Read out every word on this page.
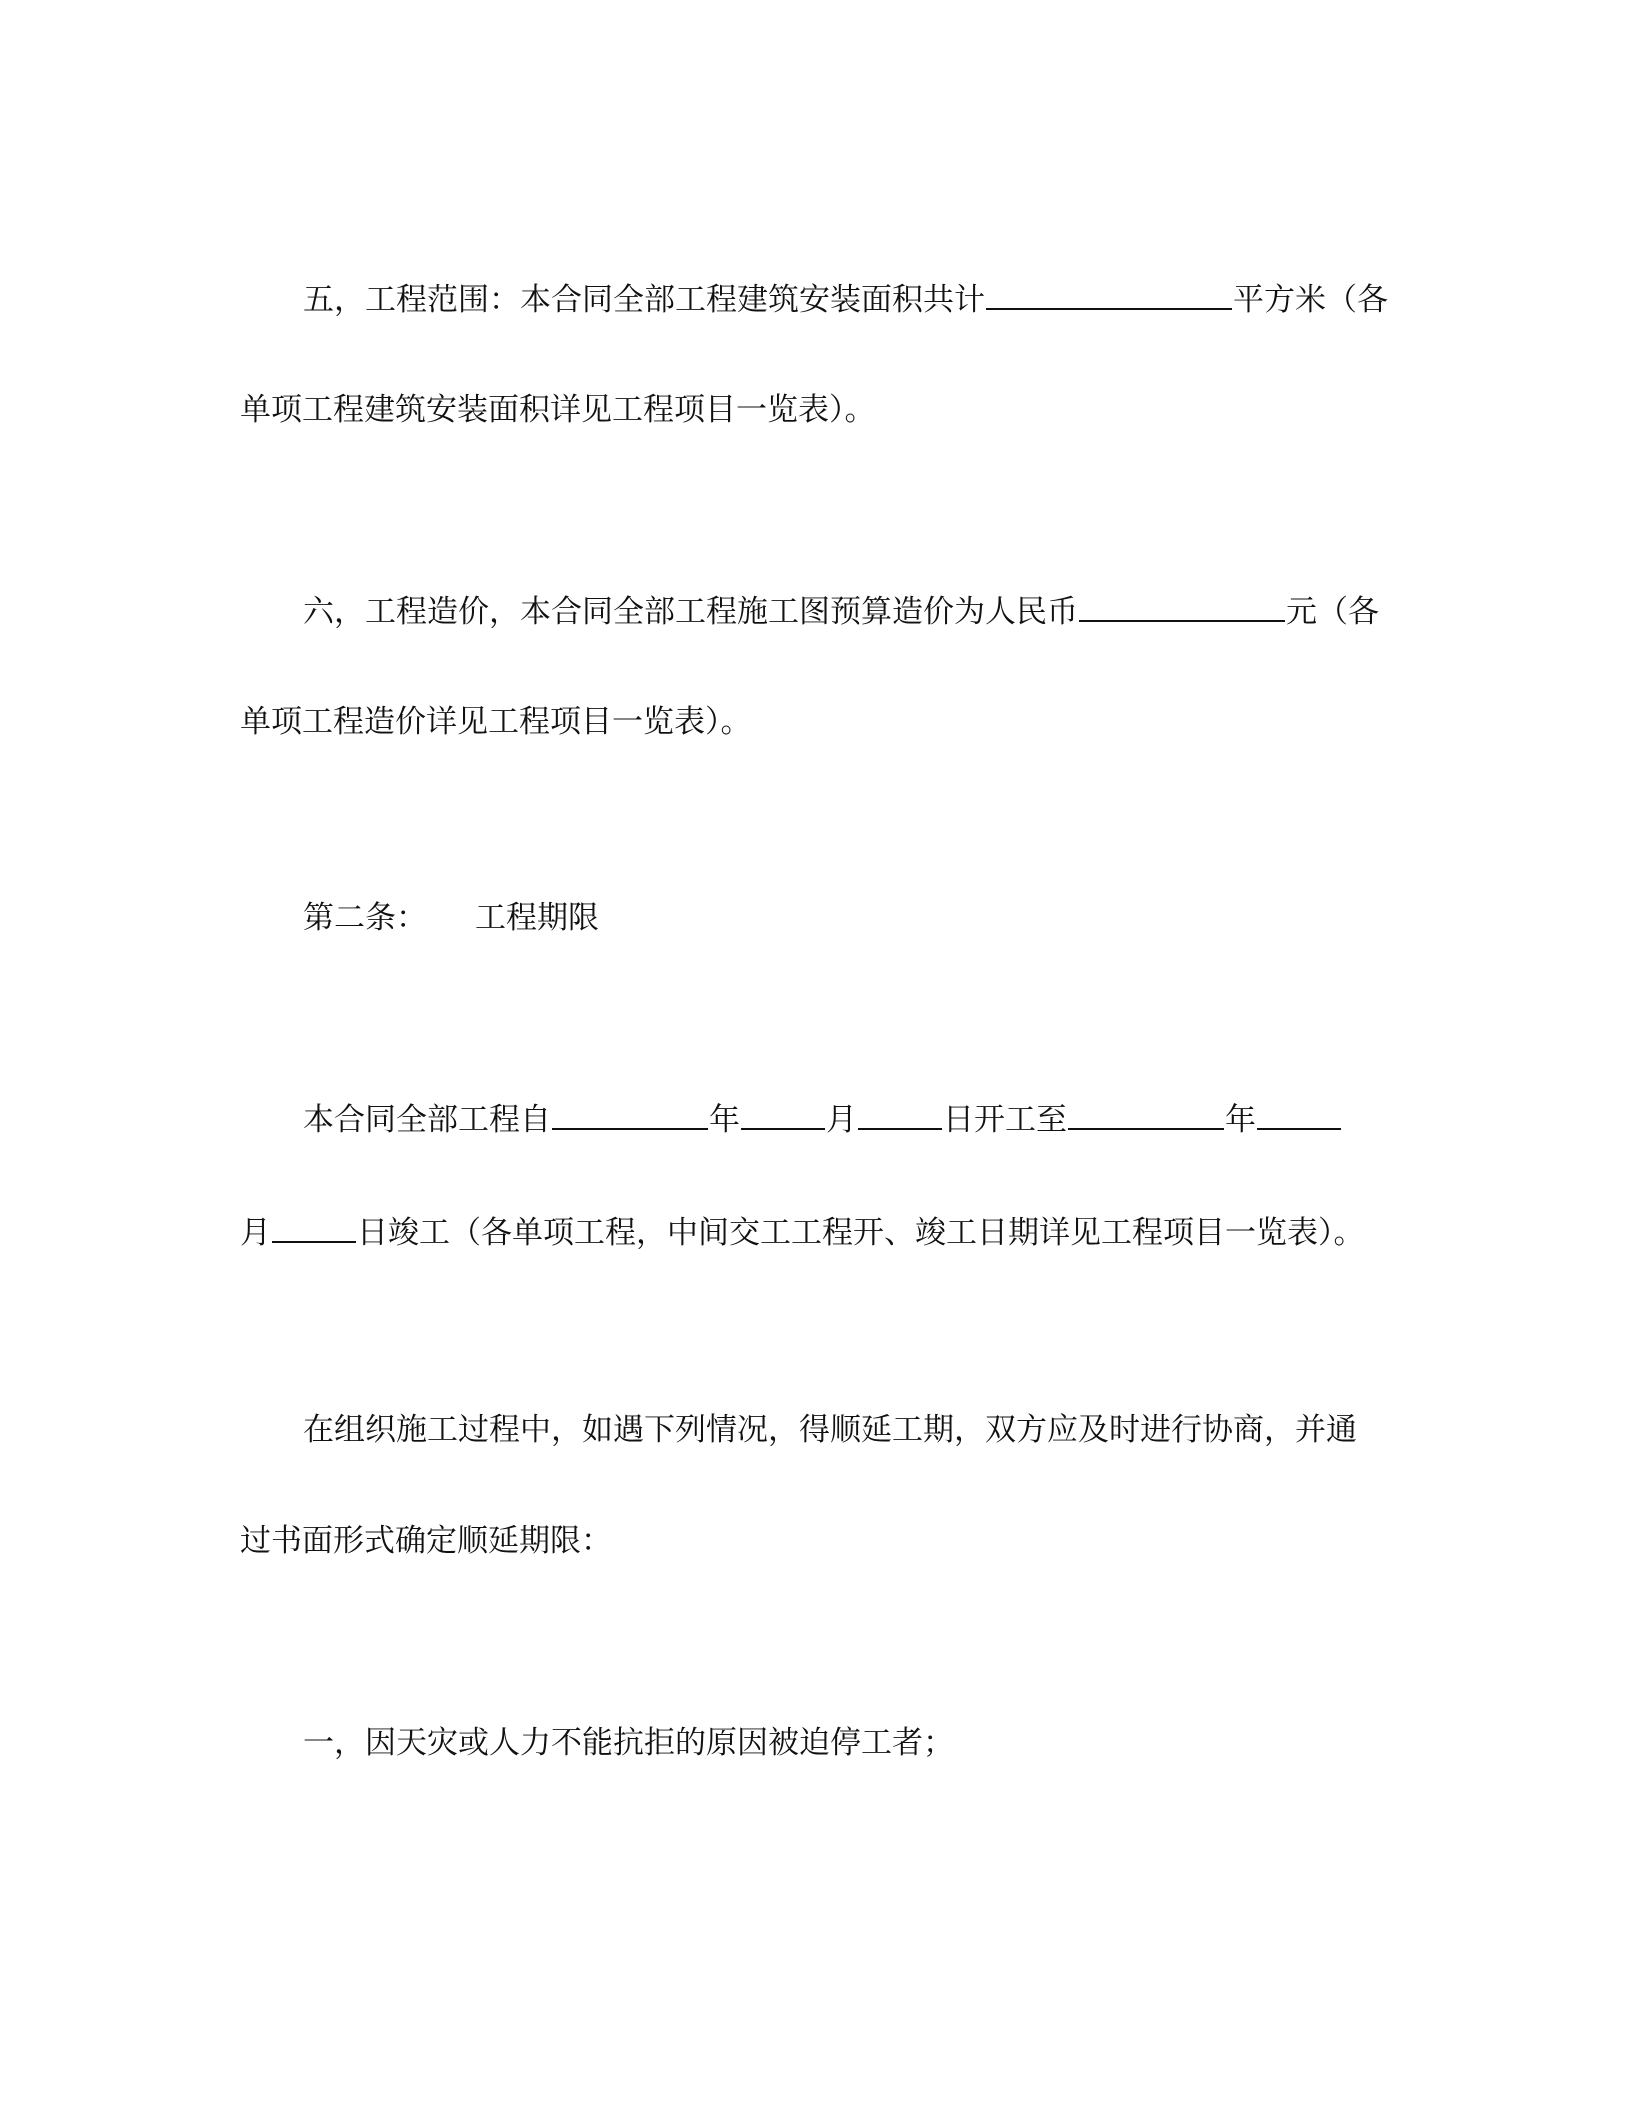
五，工程范围：本合同全部工程建筑安装面积共计	平方米（各
单项工程建筑安装面积详见工程项目一览表）。
六，工程造价，本合同全部工程施工图预算造价为人民币	元（各
单项工程造价详见工程项目一览表）。
第二条： 工程期限
本合同全部工程自	年	月	日开工至	年
月	日竣工（各单项工程，中间交工工程开、竣工日期详见工程项目一览表）。
在组织施工过程中，如遇下列情况，得顺延工期，双方应及时进行协商，并通
过书面形式确定顺延期限：
一，因天灾或人力不能抗拒的原因被迫停工者；
